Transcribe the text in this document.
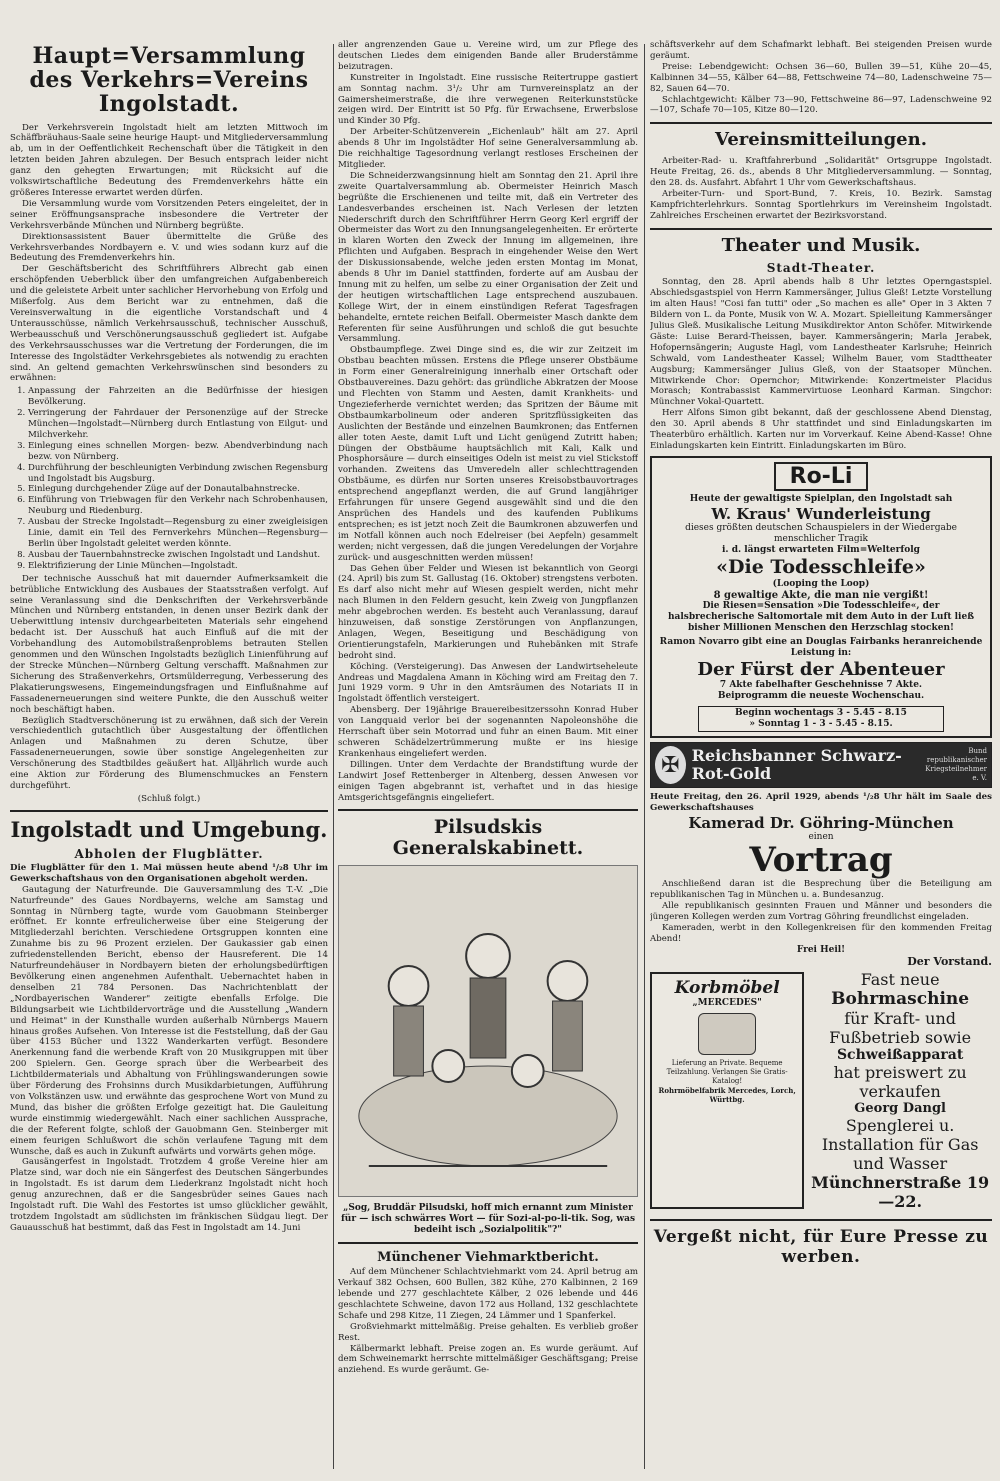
Haupt=Versammlung des Verkehrs=Vereins Ingolstadt.

Der Verkehrsverein Ingolstadt hielt am letzten Mittwoch im Schäffbräuhaus-Saale seine heurige Haupt- und Mitgliederversammlung ab, um in der Oeffentlichkeit Rechenschaft über die Tätigkeit in den letzten beiden Jahren abzulegen. Der Besuch entsprach leider nicht ganz den gehegten Erwartungen; mit Rücksicht auf die volkswirtschaftliche Bedeutung des Fremdenverkehrs hätte ein größeres Interesse erwartet werden dürfen.

Die Versammlung wurde vom Vorsitzenden Peters eingeleitet, der in seiner Eröffnungsansprache insbesondere die Vertreter der Verkehrsverbände München und Nürnberg begrüßte.

Direktionsassistent Bauer übermittelte die Grüße des Verkehrsverbandes Nordbayern e. V. und wies sodann kurz auf die Bedeutung des Fremdenverkehrs hin.

Der Geschäftsbericht des Schriftführers Albrecht gab einen erschöpfenden Ueberblick über den umfangreichen Aufgabenbereich und die geleistete Arbeit unter sachlicher Hervorhebung von Erfolg und Mißerfolg. Aus dem Bericht war zu entnehmen, daß die Vereinsverwaltung in die eigentliche Vorstandschaft und 4 Unterausschüsse, nämlich Verkehrsausschuß, technischer Ausschuß, Werbeausschuß und Verschönerungsausschuß gegliedert ist. Aufgabe des Verkehrsausschusses war die Vertretung der Forderungen, die im Interesse des Ingolstädter Verkehrsgebietes als notwendig zu erachten sind. An geltend gemachten Verkehrswünschen sind besonders zu erwähnen:

1. Anpassung der Fahrzeiten an die Bedürfnisse der hiesigen Bevölkerung.
2. Verringerung der Fahrdauer der Personenzüge auf der Strecke München—Ingolstadt—Nürnberg durch Entlastung von Eilgut- und Milchverkehr.
3. Einlegung eines schnellen Morgen- bezw. Abendverbindung nach bezw. von Nürnberg.
4. Durchführung der beschleunigten Verbindung zwischen Regensburg und Ingolstadt bis Augsburg.
5. Einlegung durchgehender Züge auf der Donautalbahnstrecke.
6. Einführung von Triebwagen für den Verkehr nach Schrobenhausen, Neuburg und Riedenburg.
7. Ausbau der Strecke Ingolstadt—Regensburg zu einer zweigleisigen Linie, damit ein Teil des Fernverkehrs München—Regensburg—Berlin über Ingolstadt geleitet werden könnte.
8. Ausbau der Tauernbahnstrecke zwischen Ingolstadt und Landshut.
9. Elektrifizierung der Linie München—Ingolstadt.

Der technische Ausschuß hat mit dauernder Aufmerksamkeit die betrübliche Entwicklung des Ausbaues der Staatsstraßen verfolgt. Auf seine Veranlassung sind die Denkschriften der Verkehrsverbände München und Nürnberg entstanden, in denen unser Bezirk dank der Ueberwittlung intensiv durchgearbeiteten Materials sehr eingehend bedacht ist. Der Ausschuß hat auch Einfluß auf die mit der Vorbehandlung des Automobilstraßenproblems betrauten Stellen genommen und den Wünschen Ingolstadts bezüglich Linienführung auf der Strecke München—Nürnberg Geltung verschafft. Maßnahmen zur Sicherung des Straßenverkehrs, Ortsmülderregung, Verbesserung des Plakatierungswesens, Eingemeindungsfragen und Einflußnahme auf Fassadenerneuerungen sind weitere Punkte, die den Ausschuß weiter noch beschäftigt haben.

Bezüglich Stadtverschönerung ist zu erwähnen, daß sich der Verein verschiedentlich gutachtlich über Ausgestaltung der öffentlichen Anlagen und Maßnahmen zu deren Schutze, über Fassadenerneuerungen, sowie über sonstige Angelegenheiten zur Verschönerung des Stadtbildes geäußert hat. Alljährlich wurde auch eine Aktion zur Förderung des Blumenschmuckes an Fenstern durchgeführt.

(Schluß folgt.)
Ingolstadt und Umgebung.
Abholen der Flugblätter.

Die Flugblätter für den 1. Mai müssen heute abend ¹/₂8 Uhr im Gewerkschaftshaus von den Organisationen abgeholt werden.

Gautagung der Naturfreunde. Die Gauversammlung des T.-V. „Die Naturfreunde" des Gaues Nordbayerns, welche am Samstag und Sonntag in Nürnberg tagte, wurde vom Gauobmann Steinberger eröffnet. Er konnte erfreulicherweise über eine Steigerung der Mitgliederzahl berichten. Verschiedene Ortsgruppen konnten eine Zunahme bis zu 96 Prozent erzielen. Der Gaukassier gab einen zufriedenstellenden Bericht, ebenso der Hausreferent. Die 14 Naturfreundehäuser in Nordbayern bieten der erholungsbedürftigen Bevölkerung einen angenehmen Aufenthalt. Uebernachtet haben in denselben 21 784 Personen. Das Nachrichtenblatt der „Nordbayerischen Wanderer" zeitigte ebenfalls Erfolge. Die Bildungsarbeit wie Lichtbildervorträge und die Ausstellung „Wandern und Heimat" in der Kunsthalle wurden außerhalb Nürnbergs Mauern hinaus großes Aufsehen. Von Interesse ist die Feststellung, daß der Gau über 4153 Bücher und 1322 Wanderkarten verfügt. Besondere Anerkennung fand die werbende Kraft von 20 Musikgruppen mit über 200 Spielern. Gen. George sprach über die Werbearbeit des Lichtbildermaterials und Abhaltung von Frühlingswanderungen sowie über Förderung des Frohsinns durch Musikdarbietungen, Aufführung von Volkstänzen usw. und erwähnte das gesprochene Wort von Mund zu Mund, das bisher die größten Erfolge gezeitigt hat. Die Gauleitung wurde einstimmig wiedergewählt. Nach einer sachlichen Aussprache, die der Referent folgte, schloß der Gauobmann Gen. Steinberger mit einem feurigen Schlußwort die schön verlaufene Tagung mit dem Wunsche, daß es auch in Zukunft aufwärts und vorwärts gehen möge.

Gausängerfest in Ingolstadt. Trotzdem 4 große Vereine hier am Platze sind, war doch nie ein Sängerfest des Deutschen Sängerbundes in Ingolstadt. Es ist darum dem Liederkranz Ingolstadt nicht hoch genug anzurechnen, daß er die Sangesbrüder seines Gaues nach Ingolstadt ruft. Die Wahl des Festortes ist umso glücklicher gewählt, trotzdem Ingolstadt am südlichsten im fränkischen Südgau liegt. Der Gauausschuß hat bestimmt, daß das Fest in Ingolstadt am 14. Juni

aller angrenzenden Gaue u. Vereine wird, um zur Pflege des deutschen Liedes dem einigenden Bande aller Bruderstämme beizutragen.

Kunstreiter in Ingolstadt. Eine russische Reitertruppe gastiert am Sonntag nachm. 3¹/₂ Uhr am Turnvereinsplatz an der Gaimersheimerstraße, die ihre verwegenen Reiterkunststücke zeigen wird. Der Eintritt ist 50 Pfg. für Erwachsene, Erwerbslose und Kinder 30 Pfg.

Der Arbeiter-Schützenverein „Eichenlaub" hält am 27. April abends 8 Uhr im Ingolstädter Hof seine Generalversammlung ab. Die reichhaltige Tagesordnung verlangt restloses Erscheinen der Mitglieder.

Die Schneiderzwangsinnung hielt am Sonntag den 21. April ihre zweite Quartalversammlung ab. Obermeister Heinrich Masch begrüßte die Erschienenen und teilte mit, daß ein Vertreter des Landesverbandes erscheinen ist. Nach Verlesen der letzten Niederschrift durch den Schriftführer Herrn Georg Kerl ergriff der Obermeister das Wort zu den Innungsangelegenheiten. Er erörterte in klaren Worten den Zweck der Innung im allgemeinen, ihre Pflichten und Aufgaben. Besprach in eingehender Weise den Wert der Diskussionsabende, welche jeden ersten Montag im Monat, abends 8 Uhr im Daniel stattfinden, forderte auf am Ausbau der Innung mit zu helfen, um selbe zu einer Organisation der Zeit und der heutigen wirtschaftlichen Lage entsprechend auszubauen. Kollege Wirt, der in einem einstündigen Referat Tagesfragen behandelte, erntete reichen Beifall. Obermeister Masch dankte dem Referenten für seine Ausführungen und schloß die gut besuchte Versammlung.

Obstbaumpflege. Zwei Dinge sind es, die wir zur Zeitzeit im Obstbau beachten müssen. Erstens die Pflege unserer Obstbäume in Form einer Generalreinigung innerhalb einer Ortschaft oder Obstbauvereines. Dazu gehört: das gründliche Abkratzen der Moose und Flechten von Stamm und Aesten, damit Krankheits- und Ungezieferherde vernichtet werden; das Spritzen der Bäume mit Obstbaumkarbolineum oder anderen Spritzflüssigkeiten das Auslichten der Bestände und einzelnen Baumkronen; das Entfernen aller toten Aeste, damit Luft und Licht genügend Zutritt haben; Düngen der Obstbäume hauptsächlich mit Kali, Kalk und Phosphorsäure — durch einseitiges Odeln ist meist zu viel Stickstoff vorhanden. Zweitens das Umveredeln aller schlechttragenden Obstbäume, es dürfen nur Sorten unseres Kreisobstbauvortrages entsprechend angepflanzt werden, die auf Grund langjähriger Erfahrungen für unsere Gegend ausgewählt sind und die den Ansprüchen des Handels und des kaufenden Publikums entsprechen; es ist jetzt noch Zeit die Baumkronen abzuwerfen und im Notfall können auch noch Edelreiser (bei Aepfeln) gesammelt werden; nicht vergessen, daß die jungen Veredelungen der Vorjahre zurück- und ausgeschnitten werden müssen!

Das Gehen über Felder und Wiesen ist bekanntlich von Georgi (24. April) bis zum St. Gallustag (16. Oktober) strengstens verboten. Es darf also nicht mehr auf Wiesen gespielt werden, nicht mehr nach Blumen in den Feldern gesucht, kein Zweig von Jungpflanzen mehr abgebrochen werden. Es besteht auch Veranlassung, darauf hinzuweisen, daß sonstige Zerstörungen von Anpflanzungen, Anlagen, Wegen, Beseitigung und Beschädigung von Orientierungstafeln, Markierungen und Ruhebänken mit Strafe bedroht sind.

Köching. (Versteigerung). Das Anwesen der Landwirtseheleute Andreas und Magdalena Amann in Köching wird am Freitag den 7. Juni 1929 vorm. 9 Uhr in den Amtsräumen des Notariats II in Ingolstadt öffentlich versteigert.

Abensberg. Der 19jährige Brauereibesitzerssohn Konrad Huber von Langquaid verlor bei der sogenannten Napoleonshöhe die Herrschaft über sein Motorrad und fuhr an einen Baum. Mit einer schweren Schädelzertrümmerung mußte er ins hiesige Krankenhaus eingeliefert werden.

Dillingen. Unter dem Verdachte der Brandstiftung wurde der Landwirt Josef Rettenberger in Altenberg, dessen Anwesen vor einigen Tagen abgebrannt ist, verhaftet und in das hiesige Amtsgerichtsgefängnis eingeliefert.

Pilsudskis Generalskabinett.
„Sog, Bruddär Pilsudski, hoff mich ernannt zum Minister für — isch schwärres Wort — für Sozi-al-po-li-tik. Sog, was bedeiht isch „Sozialpolitik"?"
Münchener Viehmarktbericht.

Auf dem Münchener Schlachtviehmarkt vom 24. April betrug am Verkauf 382 Ochsen, 600 Bullen, 382 Kühe, 270 Kalbinnen, 2 169 lebende und 277 geschlachtete Kälber, 2 026 lebende und 446 geschlachtete Schweine, davon 172 aus Holland, 132 geschlachtete Schafe und 298 Kitze, 11 Ziegen, 24 Lämmer und 1 Spanferkel.

Großviehmarkt mittelmäßig. Preise gehalten. Es verblieb großer Rest.

Kälbermarkt lebhaft. Preise zogen an. Es wurde geräumt. Auf dem Schweinemarkt herrschte mittelmäßiger Geschäftsgang; Preise anziehend. Es wurde geräumt. Ge-

schäftsverkehr auf dem Schafmarkt lebhaft. Bei steigenden Preisen wurde geräumt.

Preise: Lebendgewicht: Ochsen 36—60, Bullen 39—51, Kühe 20—45, Kalbinnen 34—55, Kälber 64—88, Fettschweine 74—80, Ladenschweine 75—82, Sauen 64—70.

Schlachtgewicht: Kälber 73—90, Fettschweine 86—97, Ladenschweine 92—107, Schafe 70—105, Kitze 80—120.

Vereinsmitteilungen.

Arbeiter-Rad- u. Kraftfahrerbund „Solidarität" Ortsgruppe Ingolstadt. Heute Freitag, 26. ds., abends 8 Uhr Mitgliederversammlung. — Sonntag, den 28. ds. Ausfahrt. Abfahrt 1 Uhr vom Gewerkschaftshaus.

Arbeiter-Turn- und Sport-Bund, 7. Kreis, 10. Bezirk. Samstag Kampfrichterlehrkurs. Sonntag Sportlehrkurs im Vereinsheim Ingolstadt. Zahlreiches Erscheinen erwartet der Bezirksvorstand.

Theater und Musik.
Stadt-Theater.

Sonntag, den 28. April abends halb 8 Uhr letztes Operngastspiel. Abschiedsgastspiel von Herrn Kammersänger, Julius Gleß! Letzte Vorstellung im alten Haus! "Cosi fan tutti" oder „So machen es alle" Oper in 3 Akten 7 Bildern von L. da Ponte, Musik von W. A. Mozart. Spielleitung Kammersänger Julius Gleß. Musikalische Leitung Musikdirektor Anton Schöfer. Mitwirkende Gäste: Luise Berard-Theissen, bayer. Kammersängerin; Marla Jerabek, Hofopernsängerin; Auguste Hagl, vom Landestheater Karlsruhe; Heinrich Schwald, vom Landestheater Kassel; Wilhelm Bauer, vom Stadttheater Augsburg; Kammersänger Julius Gleß, von der Staatsoper München. Mitwirkende Chor: Opernchor; Mitwirkende: Konzertmeister Placidus Morasch; Kontrabassist Kammervirtuose Leonhard Karman. Singchor: Münchner Vokal-Quartett.

Herr Alfons Simon gibt bekannt, daß der geschlossene Abend Dienstag, den 30. April abends 8 Uhr stattfindet und sind Einladungskarten im Theaterbüro erhältlich. Karten nur im Vorverkauf. Keine Abend-Kasse! Ohne Einladungskarten kein Eintritt. Einladungskarten im Büro.

Ro-Li
Heute der gewaltigste Spielplan, den Ingolstadt sah
W. Kraus' Wunderleistung
dieses größten deutschen Schauspielers in der Wiedergabe menschlicher Tragik
i. d. längst erwarteten Film=Welterfolg
«Die Todesschleife»
(Looping the Loop)
8 gewaltige Akte, die man nie vergißt!
Die Riesen=Sensation »Die Todesschleife«, der halsbrecherische Saltomortale mit dem Auto in der Luft ließ bisher Millionen Menschen den Herzschlag stocken!
Ramon Novarro gibt eine an Douglas Fairbanks heranreichende Leistung in:
Der Fürst der Abenteuer
7 Akte fabelhafter Geschehnisse 7 Akte.
Beiprogramm die neueste Wochenschau.
Beginn wochentags 3 - 5.45 - 8.15
» Sonntag 1 - 3 - 5.45 - 8.15.
✠ Reichsbanner Schwarz-Rot-Gold
Bund republikanischer Kriegsteilnehmer e. V.

Heute Freitag, den 26. April 1929, abends ¹/₂8 Uhr hält im Saale des Gewerkschaftshauses

Kamerad Dr. Göhring-München
einen
Vortrag

Anschließend daran ist die Besprechung über die Beteiligung am republikanischen Tag in München u. a. Bundesanzug.

Alle republikanisch gesinnten Frauen und Männer und besonders die jüngeren Kollegen werden zum Vortrag Göhring freundlichst eingeladen.

Kameraden, werbt in den Kollegenkreisen für den kommenden Freitag Abend!

Frei Heil!
Der Vorstand.
Korbmöbel
„MERCEDES"
Lieferung an Private. Bequeme Teilzahlung. Verlangen Sie Gratis-Katalog!
Rohrmöbelfabrik Mercedes, Lorch, Württbg.
Fast neue
Bohrmaschine
für Kraft- und Fußbetrieb sowie
Schweißapparat
hat preiswert zu verkaufen
Georg Dangl
Spenglerei u. Installation für Gas und Wasser
Münchnerstraße 19—22.
Vergeßt nicht, für Eure Presse zu werben.
